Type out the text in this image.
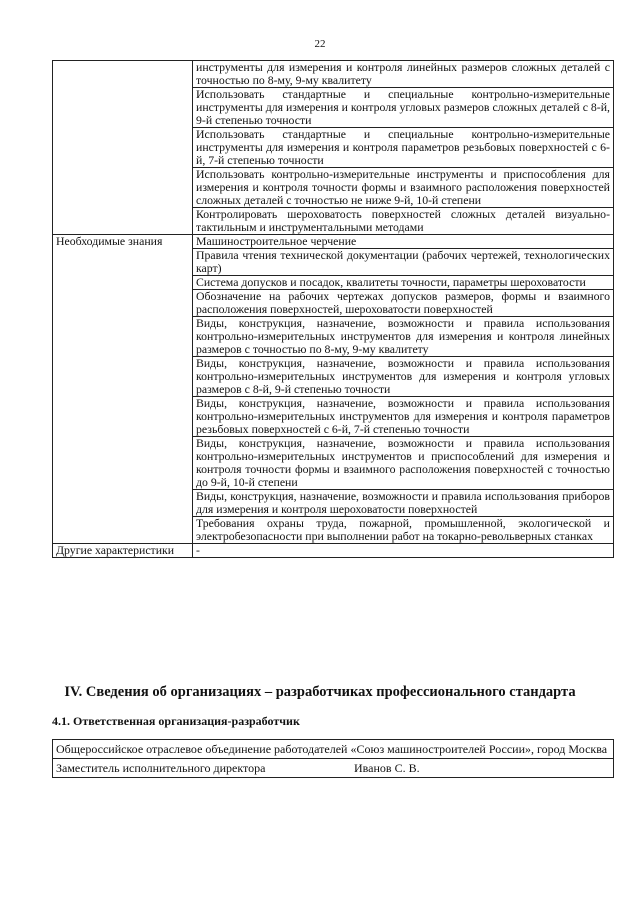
22
	инструменты для измерения и контроля линейных размеров сложных деталей с точностью по 8-му, 9-му квалитету
	Использовать стандартные и специальные контрольно-измерительные инструменты для измерения и контроля угловых размеров сложных деталей с 8-й, 9-й степенью точности
	Использовать стандартные и специальные контрольно-измерительные инструменты для измерения и контроля параметров резьбовых поверхностей с 6-й, 7-й степенью точности
	Использовать контрольно-измерительные инструменты и приспособления для измерения и контроля точности формы и взаимного расположения поверхностей сложных деталей с точностью не ниже 9-й, 10-й степени
	Контролировать шероховатость поверхностей сложных деталей визуально-тактильным и инструментальными методами
Необходимые знания	Машиностроительное черчение
	Правила чтения технической документации (рабочих чертежей, технологических карт)
	Система допусков и посадок, квалитеты точности, параметры шероховатости
	Обозначение на рабочих чертежах допусков размеров, формы и взаимного расположения поверхностей, шероховатости поверхностей
	Виды, конструкция, назначение, возможности и правила использования контрольно-измерительных инструментов для измерения и контроля линейных размеров с точностью по 8-му, 9-му квалитету
	Виды, конструкция, назначение, возможности и правила использования контрольно-измерительных инструментов для измерения и контроля угловых размеров с 8-й, 9-й степенью точности
	Виды, конструкция, назначение, возможности и правила использования контрольно-измерительных инструментов для измерения и контроля параметров резьбовых поверхностей с 6-й, 7-й степенью точности
	Виды, конструкция, назначение, возможности и правила использования контрольно-измерительных инструментов и приспособлений для измерения и контроля точности формы и взаимного расположения поверхностей с точностью до 9-й, 10-й степени
	Виды, конструкция, назначение, возможности и правила использования приборов для измерения и контроля шероховатости поверхностей
	Требования охраны труда, пожарной, промышленной, экологической и электробезопасности при выполнении работ на токарно-револьверных станках
Другие характеристики	-
IV. Сведения об организациях – разработчиках профессионального стандарта
4.1. Ответственная организация-разработчик
Общероссийское отраслевое объединение работодателей «Союз машиностроителей России», город Москва

Заместитель исполнительного директора	Иванов С. В.
